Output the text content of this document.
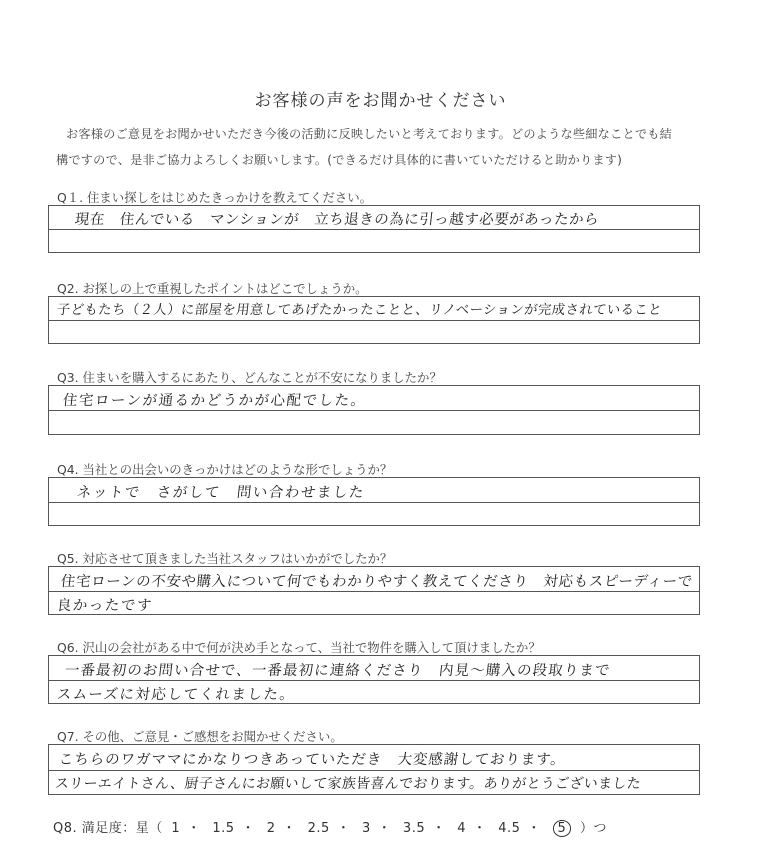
お客様の声をお聞かせください
お客様のご意見をお聞かせいただき今後の活動に反映したいと考えております。どのような些細なことでも結
構ですので、是非ご協力よろしくお願いします。(できるだけ具体的に書いていただけると助かります)
Q１. 住まい探しをはじめたきっかけを教えてください。
現在　住んでいる　マンションが　立ち退きの為に引っ越す必要があったから
Q2. お探しの上で重視したポイントはどこでしょうか。
子どもたち（２人）に部屋を用意してあげたかったことと、リノベーションが完成されていること
Q3. 住まいを購入するにあたり、どんなことが不安になりましたか？
住宅ローンが通るかどうかが心配でした。
Q4. 当社との出会いのきっかけはどのような形でしょうか？
ネットで　さがして　問い合わせました
Q5. 対応させて頂きました当社スタッフはいかがでしたか？
住宅ローンの不安や購入について何でもわかりやすく教えてくださり　対応もスピーディーで
良かったです
Q6. 沢山の会社がある中で何が決め手となって、当社で物件を購入して頂けましたか？
一番最初のお問い合せで、一番最初に連絡くださり　内見～購入の段取りまで
スムーズに対応してくれました。
Q7. その他、ご意見・ご感想をお聞かせください。
こちらのワガママにかなりつきあっていただき　大変感謝しております。
スリーエイトさん、厨子さんにお願いして家族皆喜んでおります。ありがとうございました
Q8. 満足度：星（ 1 ・ 1.5 ・ 2 ・ 2.5 ・ 3 ・ 3.5 ・ 4 ・ 4.5 ・ 5 ）つ
